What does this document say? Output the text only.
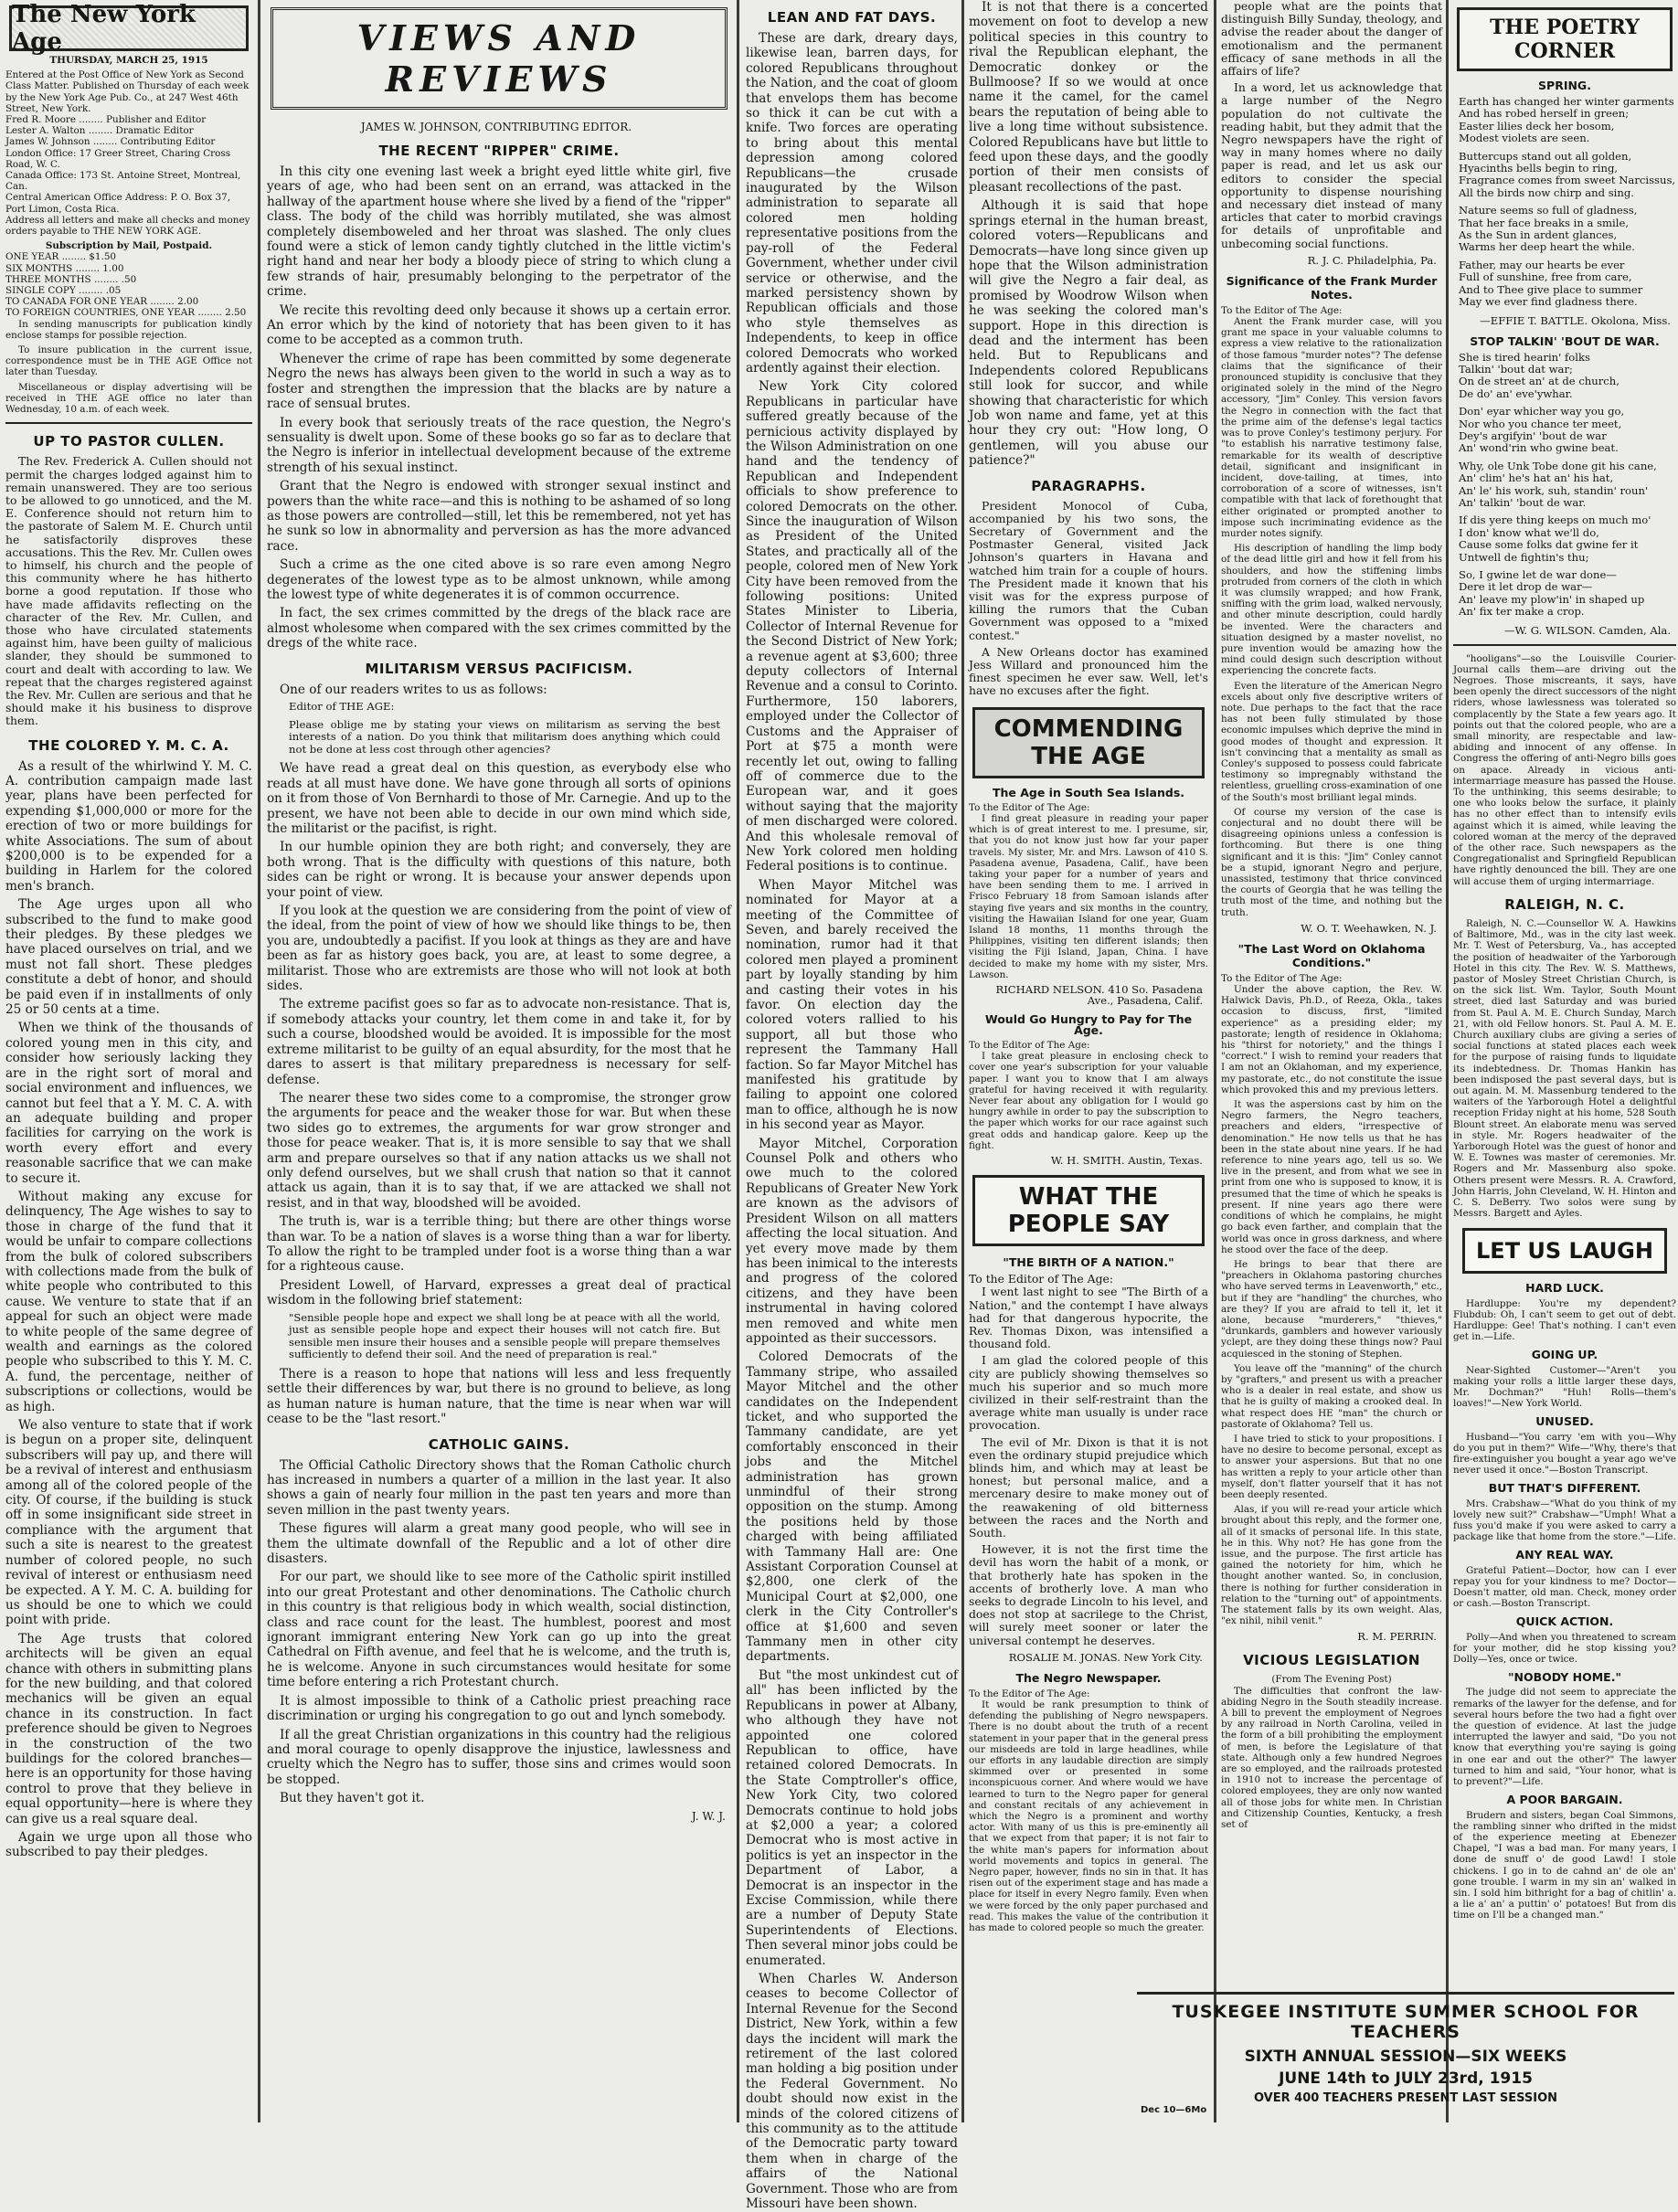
The New York Age
THURSDAY, MARCH 25, 1915
Entered at the Post Office of New York as Second Class Matter. Published on Thursday of each week by the New York Age Pub. Co., at 247 West 46th Street, New York.
Fred R. Moore ........ Publisher and Editor
Lester A. Walton ........ Dramatic Editor
James W. Johnson ........ Contributing Editor
London Office: 17 Greer Street, Charing Cross Road, W. C.
Canada Office: 173 St. Antoine Street, Montreal, Can.
Central American Office Address: P. O. Box 37, Port Limon, Costa Rica.
Address all letters and make all checks and money orders payable to THE NEW YORK AGE.
Subscription by Mail, Postpaid.
ONE YEAR ........ $1.50
SIX MONTHS ........ 1.00
THREE MONTHS ........ .50
SINGLE COPY ........ .05
TO CANADA FOR ONE YEAR ........ 2.00
TO FOREIGN COUNTRIES, ONE YEAR ........ 2.50

In sending manuscripts for publication kindly enclose stamps for possible rejection.

To insure publication in the current issue, correspondence must be in THE AGE Office not later than Tuesday.

Miscellaneous or display advertising will be received in THE AGE office no later than Wednesday, 10 a.m. of each week.

UP TO PASTOR CULLEN.

The Rev. Frederick A. Cullen should not permit the charges lodged against him to remain unanswered. They are too serious to be allowed to go unnoticed, and the M. E. Conference should not return him to the pastorate of Salem M. E. Church until he satisfactorily disproves these accusations. This the Rev. Mr. Cullen owes to himself, his church and the people of this community where he has hitherto borne a good reputation. If those who have made affidavits reflecting on the character of the Rev. Mr. Cullen, and those who have circulated statements against him, have been guilty of malicious slander, they should be summoned to court and dealt with according to law. We repeat that the charges registered against the Rev. Mr. Cullen are serious and that he should make it his business to disprove them.

THE COLORED Y. M. C. A.

As a result of the whirlwind Y. M. C. A. contribution campaign made last year, plans have been perfected for expending $1,000,000 or more for the erection of two or more buildings for white Associations. The sum of about $200,000 is to be expended for a building in Harlem for the colored men's branch.

The Age urges upon all who subscribed to the fund to make good their pledges. By these pledges we have placed ourselves on trial, and we must not fall short. These pledges constitute a debt of honor, and should be paid even if in installments of only 25 or 50 cents at a time.

When we think of the thousands of colored young men in this city, and consider how seriously lacking they are in the right sort of moral and social environment and influences, we cannot but feel that a Y. M. C. A. with an adequate building and proper facilities for carrying on the work is worth every effort and every reasonable sacrifice that we can make to secure it.

Without making any excuse for delinquency, The Age wishes to say to those in charge of the fund that it would be unfair to compare collections from the bulk of colored subscribers with collections made from the bulk of white people who contributed to this cause. We venture to state that if an appeal for such an object were made to white people of the same degree of wealth and earnings as the colored people who subscribed to this Y. M. C. A. fund, the percentage, neither of subscriptions or collections, would be as high.

We also venture to state that if work is begun on a proper site, delinquent subscribers will pay up, and there will be a revival of interest and enthusiasm among all of the colored people of the city. Of course, if the building is stuck off in some insignificant side street in compliance with the argument that such a site is nearest to the greatest number of colored people, no such revival of interest or enthusiasm need be expected. A Y. M. C. A. building for us should be one to which we could point with pride.

The Age trusts that colored architects will be given an equal chance with others in submitting plans for the new building, and that colored mechanics will be given an equal chance in its construction. In fact preference should be given to Negroes in the construction of the two buildings for the colored branches—here is an opportunity for those having control to prove that they believe in equal opportunity—here is where they can give us a real square deal.

Again we urge upon all those who subscribed to pay their pledges.

VIEWS AND REVIEWS
JAMES W. JOHNSON, CONTRIBUTING EDITOR.
THE RECENT "RIPPER" CRIME.

In this city one evening last week a bright eyed little white girl, five years of age, who had been sent on an errand, was attacked in the hallway of the apartment house where she lived by a fiend of the "ripper" class. The body of the child was horribly mutilated, she was almost completely disemboweled and her throat was slashed. The only clues found were a stick of lemon candy tightly clutched in the little victim's right hand and near her body a bloody piece of string to which clung a few strands of hair, presumably belonging to the perpetrator of the crime.

We recite this revolting deed only because it shows up a certain error. An error which by the kind of notoriety that has been given to it has come to be accepted as a common truth.

Whenever the crime of rape has been committed by some degenerate Negro the news has always been given to the world in such a way as to foster and strengthen the impression that the blacks are by nature a race of sensual brutes.

In every book that seriously treats of the race question, the Negro's sensuality is dwelt upon. Some of these books go so far as to declare that the Negro is inferior in intellectual development because of the extreme strength of his sexual instinct.

Grant that the Negro is endowed with stronger sexual instinct and powers than the white race—and this is nothing to be ashamed of so long as those powers are controlled—still, let this be remembered, not yet has he sunk so low in abnormality and perversion as has the more advanced race.

Such a crime as the one cited above is so rare even among Negro degenerates of the lowest type as to be almost unknown, while among the lowest type of white degenerates it is of common occurrence.

In fact, the sex crimes committed by the dregs of the black race are almost wholesome when compared with the sex crimes committed by the dregs of the white race.

MILITARISM VERSUS PACIFICISM.

One of our readers writes to us as follows:

Editor of THE AGE:
Please oblige me by stating your views on militarism as serving the best interests of a nation. Do you think that militarism does anything which could not be done at less cost through other agencies?

We have read a great deal on this question, as everybody else who reads at all must have done. We have gone through all sorts of opinions on it from those of Von Bernhardi to those of Mr. Carnegie. And up to the present, we have not been able to decide in our own mind which side, the militarist or the pacifist, is right.

In our humble opinion they are both right; and conversely, they are both wrong. That is the difficulty with questions of this nature, both sides can be right or wrong. It is because your answer depends upon your point of view.

If you look at the question we are considering from the point of view of the ideal, from the point of view of how we should like things to be, then you are, undoubtedly a pacifist. If you look at things as they are and have been as far as history goes back, you are, at least to some degree, a militarist. Those who are extremists are those who will not look at both sides.

The extreme pacifist goes so far as to advocate non-resistance. That is, if somebody attacks your country, let them come in and take it, for by such a course, bloodshed would be avoided. It is impossible for the most extreme militarist to be guilty of an equal absurdity, for the most that he dares to assert is that military preparedness is necessary for self-defense.

The nearer these two sides come to a compromise, the stronger grow the arguments for peace and the weaker those for war. But when these two sides go to extremes, the arguments for war grow stronger and those for peace weaker. That is, it is more sensible to say that we shall arm and prepare ourselves so that if any nation attacks us we shall not only defend ourselves, but we shall crush that nation so that it cannot attack us again, than it is to say that, if we are attacked we shall not resist, and in that way, bloodshed will be avoided.

The truth is, war is a terrible thing; but there are other things worse than war. To be a nation of slaves is a worse thing than a war for liberty. To allow the right to be trampled under foot is a worse thing than a war for a righteous cause.

President Lowell, of Harvard, expresses a great deal of practical wisdom in the following brief statement:

"Sensible people hope and expect we shall long be at peace with all the world, just as sensible people hope and expect their houses will not catch fire. But sensible men insure their houses and a sensible people will prepare themselves sufficiently to defend their soil. And the need of preparation is real."

There is a reason to hope that nations will less and less frequently settle their differences by war, but there is no ground to believe, as long as human nature is human nature, that the time is near when war will cease to be the "last resort."

CATHOLIC GAINS.

The Official Catholic Directory shows that the Roman Catholic church has increased in numbers a quarter of a million in the last year. It also shows a gain of nearly four million in the past ten years and more than seven million in the past twenty years.

These figures will alarm a great many good people, who will see in them the ultimate downfall of the Republic and a lot of other dire disasters.

For our part, we should like to see more of the Catholic spirit instilled into our great Protestant and other denominations. The Catholic church in this country is that religious body in which wealth, social distinction, class and race count for the least. The humblest, poorest and most ignorant immigrant entering New York can go up into the great Cathedral on Fifth avenue, and feel that he is welcome, and the truth is, he is welcome. Anyone in such circumstances would hesitate for some time before entering a rich Protestant church.

It is almost impossible to think of a Catholic priest preaching race discrimination or urging his congregation to go out and lynch somebody.

If all the great Christian organizations in this country had the religious and moral courage to openly disapprove the injustice, lawlessness and cruelty which the Negro has to suffer, those sins and crimes would soon be stopped.

But they haven't got it.

J. W. J.
LEAN AND FAT DAYS.

These are dark, dreary days, likewise lean, barren days, for colored Republicans throughout the Nation, and the coat of gloom that envelops them has become so thick it can be cut with a knife. Two forces are operating to bring about this mental depression among colored Republicans—the crusade inaugurated by the Wilson administration to separate all colored men holding representative positions from the pay-roll of the Federal Government, whether under civil service or otherwise, and the marked persistency shown by Republican officials and those who style themselves as Independents, to keep in office colored Democrats who worked ardently against their election.

New York City colored Republicans in particular have suffered greatly because of the pernicious activity displayed by the Wilson Administration on one hand and the tendency of Republican and Independent officials to show preference to colored Democrats on the other. Since the inauguration of Wilson as President of the United States, and practically all of the people, colored men of New York City have been removed from the following positions: United States Minister to Liberia, Collector of Internal Revenue for the Second District of New York; a revenue agent at $3,600; three deputy collectors of Internal Revenue and a consul to Corinto. Furthermore, 150 laborers, employed under the Collector of Customs and the Appraiser of Port at $75 a month were recently let out, owing to falling off of commerce due to the European war, and it goes without saying that the majority of men discharged were colored. And this wholesale removal of New York colored men holding Federal positions is to continue.

When Mayor Mitchel was nominated for Mayor at a meeting of the Committee of Seven, and barely received the nomination, rumor had it that colored men played a prominent part by loyally standing by him and casting their votes in his favor. On election day the colored voters rallied to his support, all but those who represent the Tammany Hall faction. So far Mayor Mitchel has manifested his gratitude by failing to appoint one colored man to office, although he is now in his second year as Mayor.

Mayor Mitchel, Corporation Counsel Polk and others who owe much to the colored Republicans of Greater New York are known as the advisors of President Wilson on all matters affecting the local situation. And yet every move made by them has been inimical to the interests and progress of the colored citizens, and they have been instrumental in having colored men removed and white men appointed as their successors.

Colored Democrats of the Tammany stripe, who assailed Mayor Mitchel and the other candidates on the Independent ticket, and who supported the Tammany candidate, are yet comfortably ensconced in their jobs and the Mitchel administration has grown unmindful of their strong opposition on the stump. Among the positions held by those charged with being affiliated with Tammany Hall are: One Assistant Corporation Counsel at $2,800, one clerk of the Municipal Court at $2,000, one clerk in the City Controller's office at $1,600 and seven Tammany men in other city departments.

But "the most unkindest cut of all" has been inflicted by the Republicans in power at Albany, who although they have not appointed one colored Republican to office, have retained colored Democrats. In the State Comptroller's office, New York City, two colored Democrats continue to hold jobs at $2,000 a year; a colored Democrat who is most active in politics is yet an inspector in the Department of Labor, a Democrat is an inspector in the Excise Commission, while there are a number of Deputy State Superintendents of Elections. Then several minor jobs could be enumerated.

When Charles W. Anderson ceases to become Collector of Internal Revenue for the Second District, New York, within a few days the incident will mark the retirement of the last colored man holding a big position under the Federal Government. No doubt should now exist in the minds of the colored citizens of this community as to the attitude of the Democratic party toward them when in charge of the affairs of the National Government. Those who are from Missouri have been shown.

It is not that there is a concerted movement on foot to develop a new political species in this country to rival the Republican elephant, the Democratic donkey or the Bullmoose? If so we would at once name it the camel, for the camel bears the reputation of being able to live a long time without subsistence. Colored Republicans have but little to feed upon these days, and the goodly portion of their men consists of pleasant recollections of the past.

Although it is said that hope springs eternal in the human breast, colored voters—Republicans and Democrats—have long since given up hope that the Wilson administration will give the Negro a fair deal, as promised by Woodrow Wilson when he was seeking the colored man's support. Hope in this direction is dead and the interment has been held. But to Republicans and Independents colored Republicans still look for succor, and while showing that characteristic for which Job won name and fame, yet at this hour they cry out: "How long, O gentlemen, will you abuse our patience?"

PARAGRAPHS.

President Monocol of Cuba, accompanied by his two sons, the Secretary of Government and the Postmaster General, visited Jack Johnson's quarters in Havana and watched him train for a couple of hours. The President made it known that his visit was for the express purpose of killing the rumors that the Cuban Government was opposed to a "mixed contest."

A New Orleans doctor has examined Jess Willard and pronounced him the finest specimen he ever saw. Well, let's have no excuses after the fight.

COMMENDING THE AGE
The Age in South Sea Islands.
To the Editor of The Age:

I find great pleasure in reading your paper which is of great interest to me. I presume, sir, that you do not know just how far your paper travels. My sister, Mr. and Mrs. Lawson of 410 S. Pasadena avenue, Pasadena, Calif., have been taking your paper for a number of years and have been sending them to me. I arrived in Frisco February 18 from Samoan islands after staying five years and six months in the country, visiting the Hawaiian Island for one year, Guam Island 18 months, 11 months through the Philippines, visiting ten different islands; then visiting the Fiji Island, Japan, China. I have decided to make my home with my sister, Mrs. Lawson.

RICHARD NELSON. 410 So. Pasadena Ave., Pasadena, Calif.
Would Go Hungry to Pay for The Age.
To the Editor of The Age:

I take great pleasure in enclosing check to cover one year's subscription for your valuable paper. I want you to know that I am always grateful for having received it with regularity. Never fear about any obligation for I would go hungry awhile in order to pay the subscription to the paper which works for our race against such great odds and handicap galore. Keep up the fight.

W. H. SMITH. Austin, Texas.
WHAT THE PEOPLE SAY
"THE BIRTH OF A NATION."
To the Editor of The Age:

I went last night to see "The Birth of a Nation," and the contempt I have always had for that dangerous hypocrite, the Rev. Thomas Dixon, was intensified a thousand fold.

I am glad the colored people of this city are publicly showing themselves so much his superior and so much more civilized in their self-restraint than the average white man usually is under race provocation.

The evil of Mr. Dixon is that it is not even the ordinary stupid prejudice which blinds him, and which may at least be honest; but personal malice, and a mercenary desire to make money out of the reawakening of old bitterness between the races and the North and South.

However, it is not the first time the devil has worn the habit of a monk, or that brotherly hate has spoken in the accents of brotherly love. A man who seeks to degrade Lincoln to his level, and does not stop at sacrilege to the Christ, will surely meet sooner or later the universal contempt he deserves.

ROSALIE M. JONAS. New York City.
The Negro Newspaper.
To the Editor of The Age:

It would be rank presumption to think of defending the publishing of Negro newspapers. There is no doubt about the truth of a recent statement in your paper that in the general press our misdeeds are told in large headlines, while our efforts in any laudable direction are simply skimmed over or presented in some inconspicuous corner. And where would we have learned to turn to the Negro paper for general and constant recitals of any achievement in which the Negro is a prominent and worthy actor. With many of us this is pre-eminently all that we expect from that paper; it is not fair to the white man's papers for information about world movements and topics in general. The Negro paper, however, finds no sin in that. It has risen out of the experiment stage and has made a place for itself in every Negro family. Even when we were forced by the only paper purchased and read. This makes the value of the contribution it has made to colored people so much the greater.

people what are the points that distinguish Billy Sunday, theology, and advise the reader about the danger of emotionalism and the permanent efficacy of sane methods in all the affairs of life?

In a word, let us acknowledge that a large number of the Negro population do not cultivate the reading habit, but they admit that the Negro newspapers have the right of way in many homes where no daily paper is read, and let us ask our editors to consider the special opportunity to dispense nourishing and necessary diet instead of many articles that cater to morbid cravings for details of unprofitable and unbecoming social functions.

R. J. C. Philadelphia, Pa.
Significance of the Frank Murder Notes.
To the Editor of The Age:

Anent the Frank murder case, will you grant me space in your valuable columns to express a view relative to the rationalization of those famous "murder notes"? The defense claims that the significance of their pronounced stupidity is conclusive that they originated solely in the mind of the Negro accessory, "Jim" Conley. This version favors the Negro in connection with the fact that the prime aim of the defense's legal tactics was to prove Conley's testimony perjury. For "to establish his narrative testimony false, remarkable for its wealth of descriptive detail, significant and insignificant in incident, dove-tailing, at times, into corroboration of a score of witnesses, isn't compatible with that lack of forethought that either originated or prompted another to impose such incriminating evidence as the murder notes signify.

His description of handling the limp body of the dead little girl and how it fell from his shoulders, and how the stiffening limbs protruded from corners of the cloth in which it was clumsily wrapped; and how Frank, sniffing with the grim load, walked nervously, and other minute description, could hardly be invented. Were the characters and situation designed by a master novelist, no pure invention would be amazing how the mind could design such description without experiencing the concrete facts.

Even the literature of the American Negro excels about only five descriptive writers of note. Due perhaps to the fact that the race has not been fully stimulated by those economic impulses which deprive the mind in good modes of thought and expression. It isn't convincing that a mentality as small as Conley's supposed to possess could fabricate testimony so impregnably withstand the relentless, gruelling cross-examination of one of the South's most brilliant legal minds.

Of course my version of the case is conjectural and no doubt there will be disagreeing opinions unless a confession is forthcoming. But there is one thing significant and it is this: "Jim" Conley cannot be a stupid, ignorant Negro and perjure, unassisted, testimony that thrice convinced the courts of Georgia that he was telling the truth most of the time, and nothing but the truth.

W. O. T. Weehawken, N. J.
"The Last Word on Oklahoma Conditions."
To the Editor of The Age:

Under the above caption, the Rev. W. Halwick Davis, Ph.D., of Reeza, Okla., takes occasion to discuss, first, "limited experience" as a presiding elder; my pastorate; length of residence in Oklahoma; his "thirst for notoriety," and the things I "correct." I wish to remind your readers that I am not an Oklahoman, and my experience, my pastorate, etc., do not constitute the issue which provoked this and my previous letters.

It was the aspersions cast by him on the Negro farmers, the Negro teachers, preachers and elders, "irrespective of denomination." He now tells us that he has been in the state about nine years. If he had reference to nine years ago, tell us so. We live in the present, and from what we see in print from one who is supposed to know, it is presumed that the time of which he speaks is present. If nine years ago there were conditions of which he complains, he might go back even farther, and complain that the world was once in gross darkness, and where he stood over the face of the deep.

He brings to bear that there are "preachers in Oklahoma pastoring churches who have served terms in Leavenworth," etc., but if they are "handling" the churches, who are they? If you are afraid to tell it, let it alone, because "murderers," "thieves," "drunkards, gamblers and however variously yclept, are they doing these things now? Paul acquiesced in the stoning of Stephen.

You leave off the "manning" of the church by "grafters," and present us with a preacher who is a dealer in real estate, and show us that he is guilty of making a crooked deal. In what respect does HE "man" the church or pastorate of Oklahoma? Tell us.

I have tried to stick to your propositions. I have no desire to become personal, except as to answer your aspersions. But that no one has written a reply to your article other than myself, don't flatter yourself that it has not been deeply resented.

Alas, if you will re-read your article which brought about this reply, and the former one, all of it smacks of personal life. In this state, he in this. Why not? He has gone from the issue, and the purpose. The first article has gained the notoriety for him, which he thought another wanted. So, in conclusion, there is nothing for further consideration in relation to the "turning out" of appointments. The statement falls by its own weight. Alas, "ex nihil, nihil venit."

R. M. PERRIN.
VICIOUS LEGISLATION
(From The Evening Post)

The difficulties that confront the law-abiding Negro in the South steadily increase. A bill to prevent the employment of Negroes by any railroad in North Carolina, veiled in the form of a bill prohibiting the employment of men, is before the Legislature of that state. Although only a few hundred Negroes are so employed, and the railroads protested in 1910 not to increase the percentage of colored employees, they are only now wanted all of those jobs for white men. In Christian and Citizenship Counties, Kentucky, a fresh set of

THE POETRY CORNER
SPRING.
Earth has changed her winter garments
And has robed herself in green;
Easter lilies deck her bosom,
Modest violets are seen.
Buttercups stand out all golden,
Hyacinths bells begin to ring,
Fragrance comes from sweet Narcissus,
All the birds now chirp and sing.
Nature seems so full of gladness,
That her face breaks in a smile,
As the Sun in ardent glances,
Warms her deep heart the while.
Father, may our hearts be ever
Full of sunshine, free from care,
And to Thee give place to summer
May we ever find gladness there.
—EFFIE T. BATTLE. Okolona, Miss.
STOP TALKIN' 'BOUT DE WAR.
She is tired hearin' folks
Talkin' 'bout dat war;
On de street an' at de church,
De do' an' eve'ywhar.
Don' eyar whicher way you go,
Nor who you chance ter meet,
Dey's argifyin' 'bout de war
An' wond'rin who gwine beat.
Why, ole Unk Tobe done git his cane,
An' clim' he's hat an' his hat,
An' le' his work, suh, standin' roun'
An' talkin' 'bout de war.
If dis yere thing keeps on much mo'
I don' know what we'll do,
Cause some folks dat gwine fer it
Untwell de fightin's thu;
So, I gwine let de war done—
Dere it let drop de war—
An' leave my plow'in' in shaped up
An' fix ter make a crop.
—W. G. WILSON. Camden, Ala.

"hooligans"—so the Louisville Courier-Journal calls them—are driving out the Negroes. Those miscreants, it says, have been openly the direct successors of the night riders, whose lawlessness was tolerated so complacently by the State a few years ago. It points out that the colored people, who are a small minority, are respectable and law-abiding and innocent of any offense. In Congress the offering of anti-Negro bills goes on apace. Already in vicious anti-intermarriage measure has passed the House. To the unthinking, this seems desirable; to one who looks below the surface, it plainly has no other effect than to intensify evils against which it is aimed, while leaving the colored woman at the mercy of the depraved of the other race. Such newspapers as the Congregationalist and Springfield Republican have rightly denounced the bill. They are one will accuse them of urging intermarriage.

RALEIGH, N. C.

Raleigh, N. C.—Counsellor W. A. Hawkins of Baltimore, Md., was in the city last week. Mr. T. West of Petersburg, Va., has accepted the position of headwaiter of the Yarborough Hotel in this city. The Rev. W. S. Matthews, pastor of Mosley Street Christian Church, is on the sick list. Wm. Taylor, South Mount street, died last Saturday and was buried from St. Paul A. M. E. Church Sunday, March 21, with old Fellow honors. St. Paul A. M. E. Church auxiliary clubs are giving a series of social functions at stated places each week for the purpose of raising funds to liquidate its indebtedness. Dr. Thomas Hankin has been indisposed the past several days, but is out again. M. M. Massenburg tendered to the waiters of the Yarborough Hotel a delightful reception Friday night at his home, 528 South Blount street. An elaborate menu was served in style. Mr. Rogers headwaiter of the Yarborough Hotel was the guest of honor and W. E. Townes was master of ceremonies. Mr. Rogers and Mr. Massenburg also spoke. Others present were Messrs. R. A. Crawford, John Harris, John Cleveland, W. H. Hinton and C. S. DeBerry. Two solos were sung by Messrs. Bargett and Ayles.

LET US LAUGH
HARD LUCK.

Hardluppe: You're my dependent? Flubdub: Oh, I can't seem to get out of debt. Hardluppe: Gee! That's nothing. I can't even get in.—Life.

GOING UP.

Near-Sighted Customer—"Aren't you making your rolls a little larger these days, Mr. Dochman?" "Huh! Rolls—them's loaves!"—New York World.

UNUSED.

Husband—"You carry 'em with you—Why do you put in them?" Wife—"Why, there's that fire-extinguisher you bought a year ago we've never used it once."—Boston Transcript.

BUT THAT'S DIFFERENT.

Mrs. Crabshaw—"What do you think of my lovely new suit?" Crabshaw—"Umph! What a fuss you'd make if you were asked to carry a package like that home from the store."—Life.

ANY REAL WAY.

Grateful Patient—Doctor, how can I ever repay you for your kindness to me? Doctor—Doesn't matter, old man. Check, money order or cash.—Boston Transcript.

QUICK ACTION.

Polly—And when you threatened to scream for your mother, did he stop kissing you? Dolly—Yes, once or twice.

"NOBODY HOME."

The judge did not seem to appreciate the remarks of the lawyer for the defense, and for several hours before the two had a fight over the question of evidence. At last the judge interrupted the lawyer and said, "Do you not know that everything you're saying is going in one ear and out the other?" The lawyer turned to him and said, "Your honor, what is to prevent?"—Life.

A POOR BARGAIN.

Brudern and sisters, began Coal Simmons, the rambling sinner who drifted in the midst of the experience meeting at Ebenezer Chapel, "I was a bad man. For many years, I done de snuff o' de good Lawd! I stole chickens. I go in to de cahnd an' de ole an' gone trouble. I warm in my sin an' walked in sin. I sold him bithright for a bag of chitlin' a. a lie a' an' a puttin' o' potatoes! But from dis time on I'll be a changed man."

TUSKEGEE INSTITUTE SUMMER SCHOOL FOR TEACHERS
SIXTH ANNUAL SESSION—SIX WEEKS
JUNE 14th to JULY 23rd, 1915
OVER 400 TEACHERS PRESENT LAST SESSION
Dec 10—6Mo
